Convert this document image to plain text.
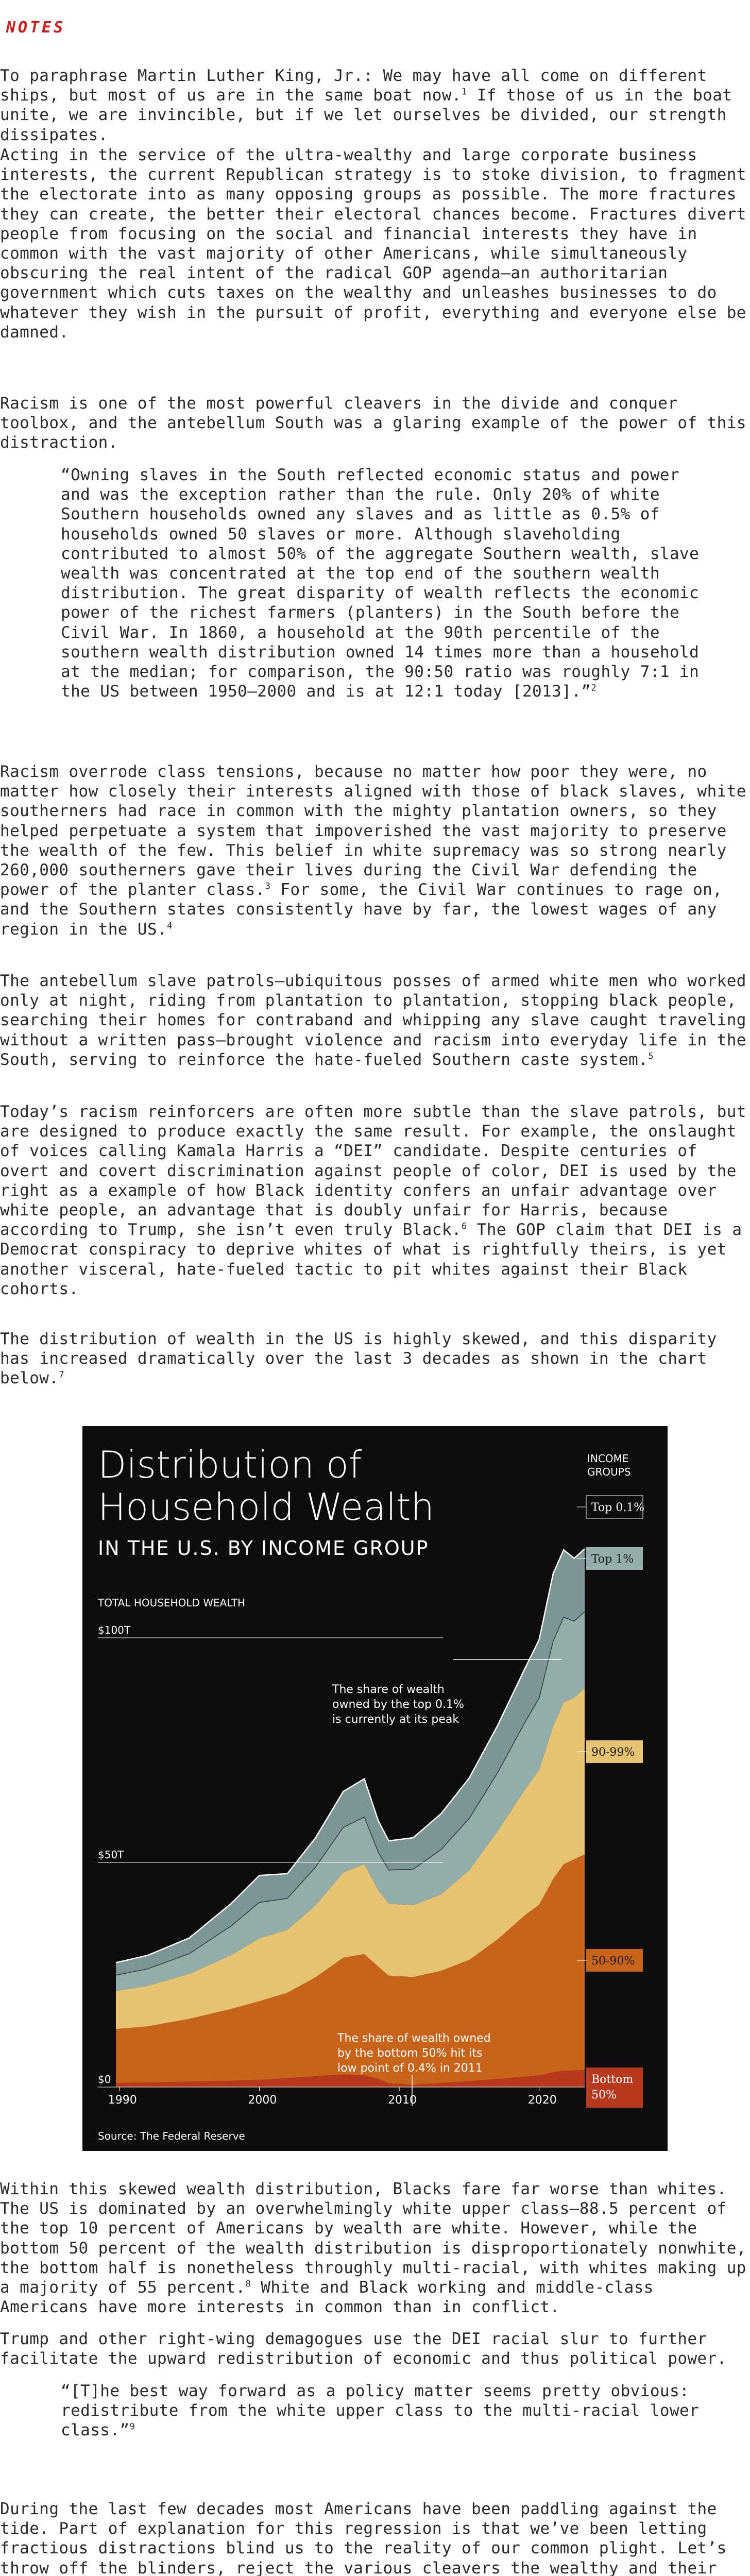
NOTES

To paraphrase Martin Luther King, Jr.: We may have all come on different ships, but most of us are in the same boat now.$^1$ If those of us in the boat unite, we are invincible, but if we let ourselves be divided, our strength dissipates.

Acting in the service of the ultra-wealthy and large corporate business interests, the current Republican strategy is to stoke division, to fragment the electorate into as many opposing groups as possible. The more fractures they can create, the better their electoral chances become. Fractures divert people from focusing on the social and financial interests they have in common with the vast majority of other Americans, while simultaneously obscuring the real intent of the radical GOP agenda–an authoritarian government which cuts taxes on the wealthy and unleashes businesses to do whatever they wish in the pursuit of profit, everything and everyone else be damned.

Racism is one of the most powerful cleavers in the divide and conquer toolbox, and the antebellum South was a glaring example of the power of this distraction.

“Owning slaves in the South reflected economic status and power and was the exception rather than the rule. Only 20% of white Southern households owned any slaves and as little as 0.5% of households owned 50 slaves or more. Although slaveholding contributed to almost 50% of the aggregate Southern wealth, slave wealth was concentrated at the top end of the southern wealth distribution. The great disparity of wealth reflects the economic power of the richest farmers (planters) in the South before the Civil War. In 1860, a household at the 90th percentile of the southern wealth distribution owned 14 times more than a household at the median; for comparison, the 90:50 ratio was roughly 7:1 in the US between 1950–2000 and is at 12:1 today [2013].”$^2$

Racism overrode class tensions, because no matter how poor they were, no matter how closely their interests aligned with those of black slaves, white southerners had race in common with the mighty plantation owners, so they helped perpetuate a system that impoverished the vast majority to preserve the wealth of the few. This belief in white supremacy was so strong nearly 260,000 southerners gave their lives during the Civil War defending the power of the planter class.$^3$ For some, the Civil War continues to rage on, and the Southern states consistently have by far, the lowest wages of any region in the US.$^4$

The antebellum slave patrols–ubiquitous posses of armed white men who worked only at night, riding from plantation to plantation, stopping black people, searching their homes for contraband and whipping any slave caught traveling without a written pass–brought violence and racism into everyday life in the South, serving to reinforce the hate-fueled Southern caste system.$^5$

Today’s racism reinforcers are often more subtle than the slave patrols, but are designed to produce exactly the same result. For example, the onslaught of voices calling Kamala Harris a “DEI” candidate. Despite centuries of overt and covert discrimination against people of color, DEI is used by the right as a example of how Black identity confers an unfair advantage over white people, an advantage that is doubly unfair for Harris, because according to Trump, she isn’t even truly Black.$^6$ The GOP claim that DEI is a Democrat conspiracy to deprive whites of what is rightfully theirs, is yet another visceral, hate-fueled tactic to pit whites against their Black cohorts.

The distribution of wealth in the US is highly skewed, and this disparity has increased dramatically over the last 3 decades as shown in the chart below.$^7$

Distribution of
Household Wealth
IN THE U.S. BY INCOME GROUP
TOTAL HOUSEHOLD WEALTH
INCOME
GROUPS
$100T
$50T
$0
1990	2000	2010	2020
Top 0.1%
Top 1%
90-99%
50-90%
Bottom
50%
The share of wealth
owned by the top 0.1%
is currently at its peak
The share of wealth owned
by the bottom 50% hit its
low point of 0.4% in 2011
Source: The Federal Reserve

Within this skewed wealth distribution, Blacks fare far worse than whites. The US is dominated by an overwhelmingly white upper class—88.5 percent of the top 10 percent of Americans by wealth are white. However, while the bottom 50 percent of the wealth distribution is disproportionately nonwhite, the bottom half is nonetheless throughly multi-racial, with whites making up a majority of 55 percent.$^8$ White and Black working and middle-class Americans have more interests in common than in conflict.

Trump and other right-wing demagogues use the DEI racial slur to further facilitate the upward redistribution of economic and thus political power.

“[T]he best way forward as a policy matter seems pretty obvious: redistribute from the white upper class to the multi-racial lower class.”$^9$

During the last few decades most Americans have been paddling against the tide. Part of explanation for this regression is that we’ve been letting fractious distractions blind us to the reality of our common plight. Let’s throw off the blinders, reject the various cleavers the wealthy and their
